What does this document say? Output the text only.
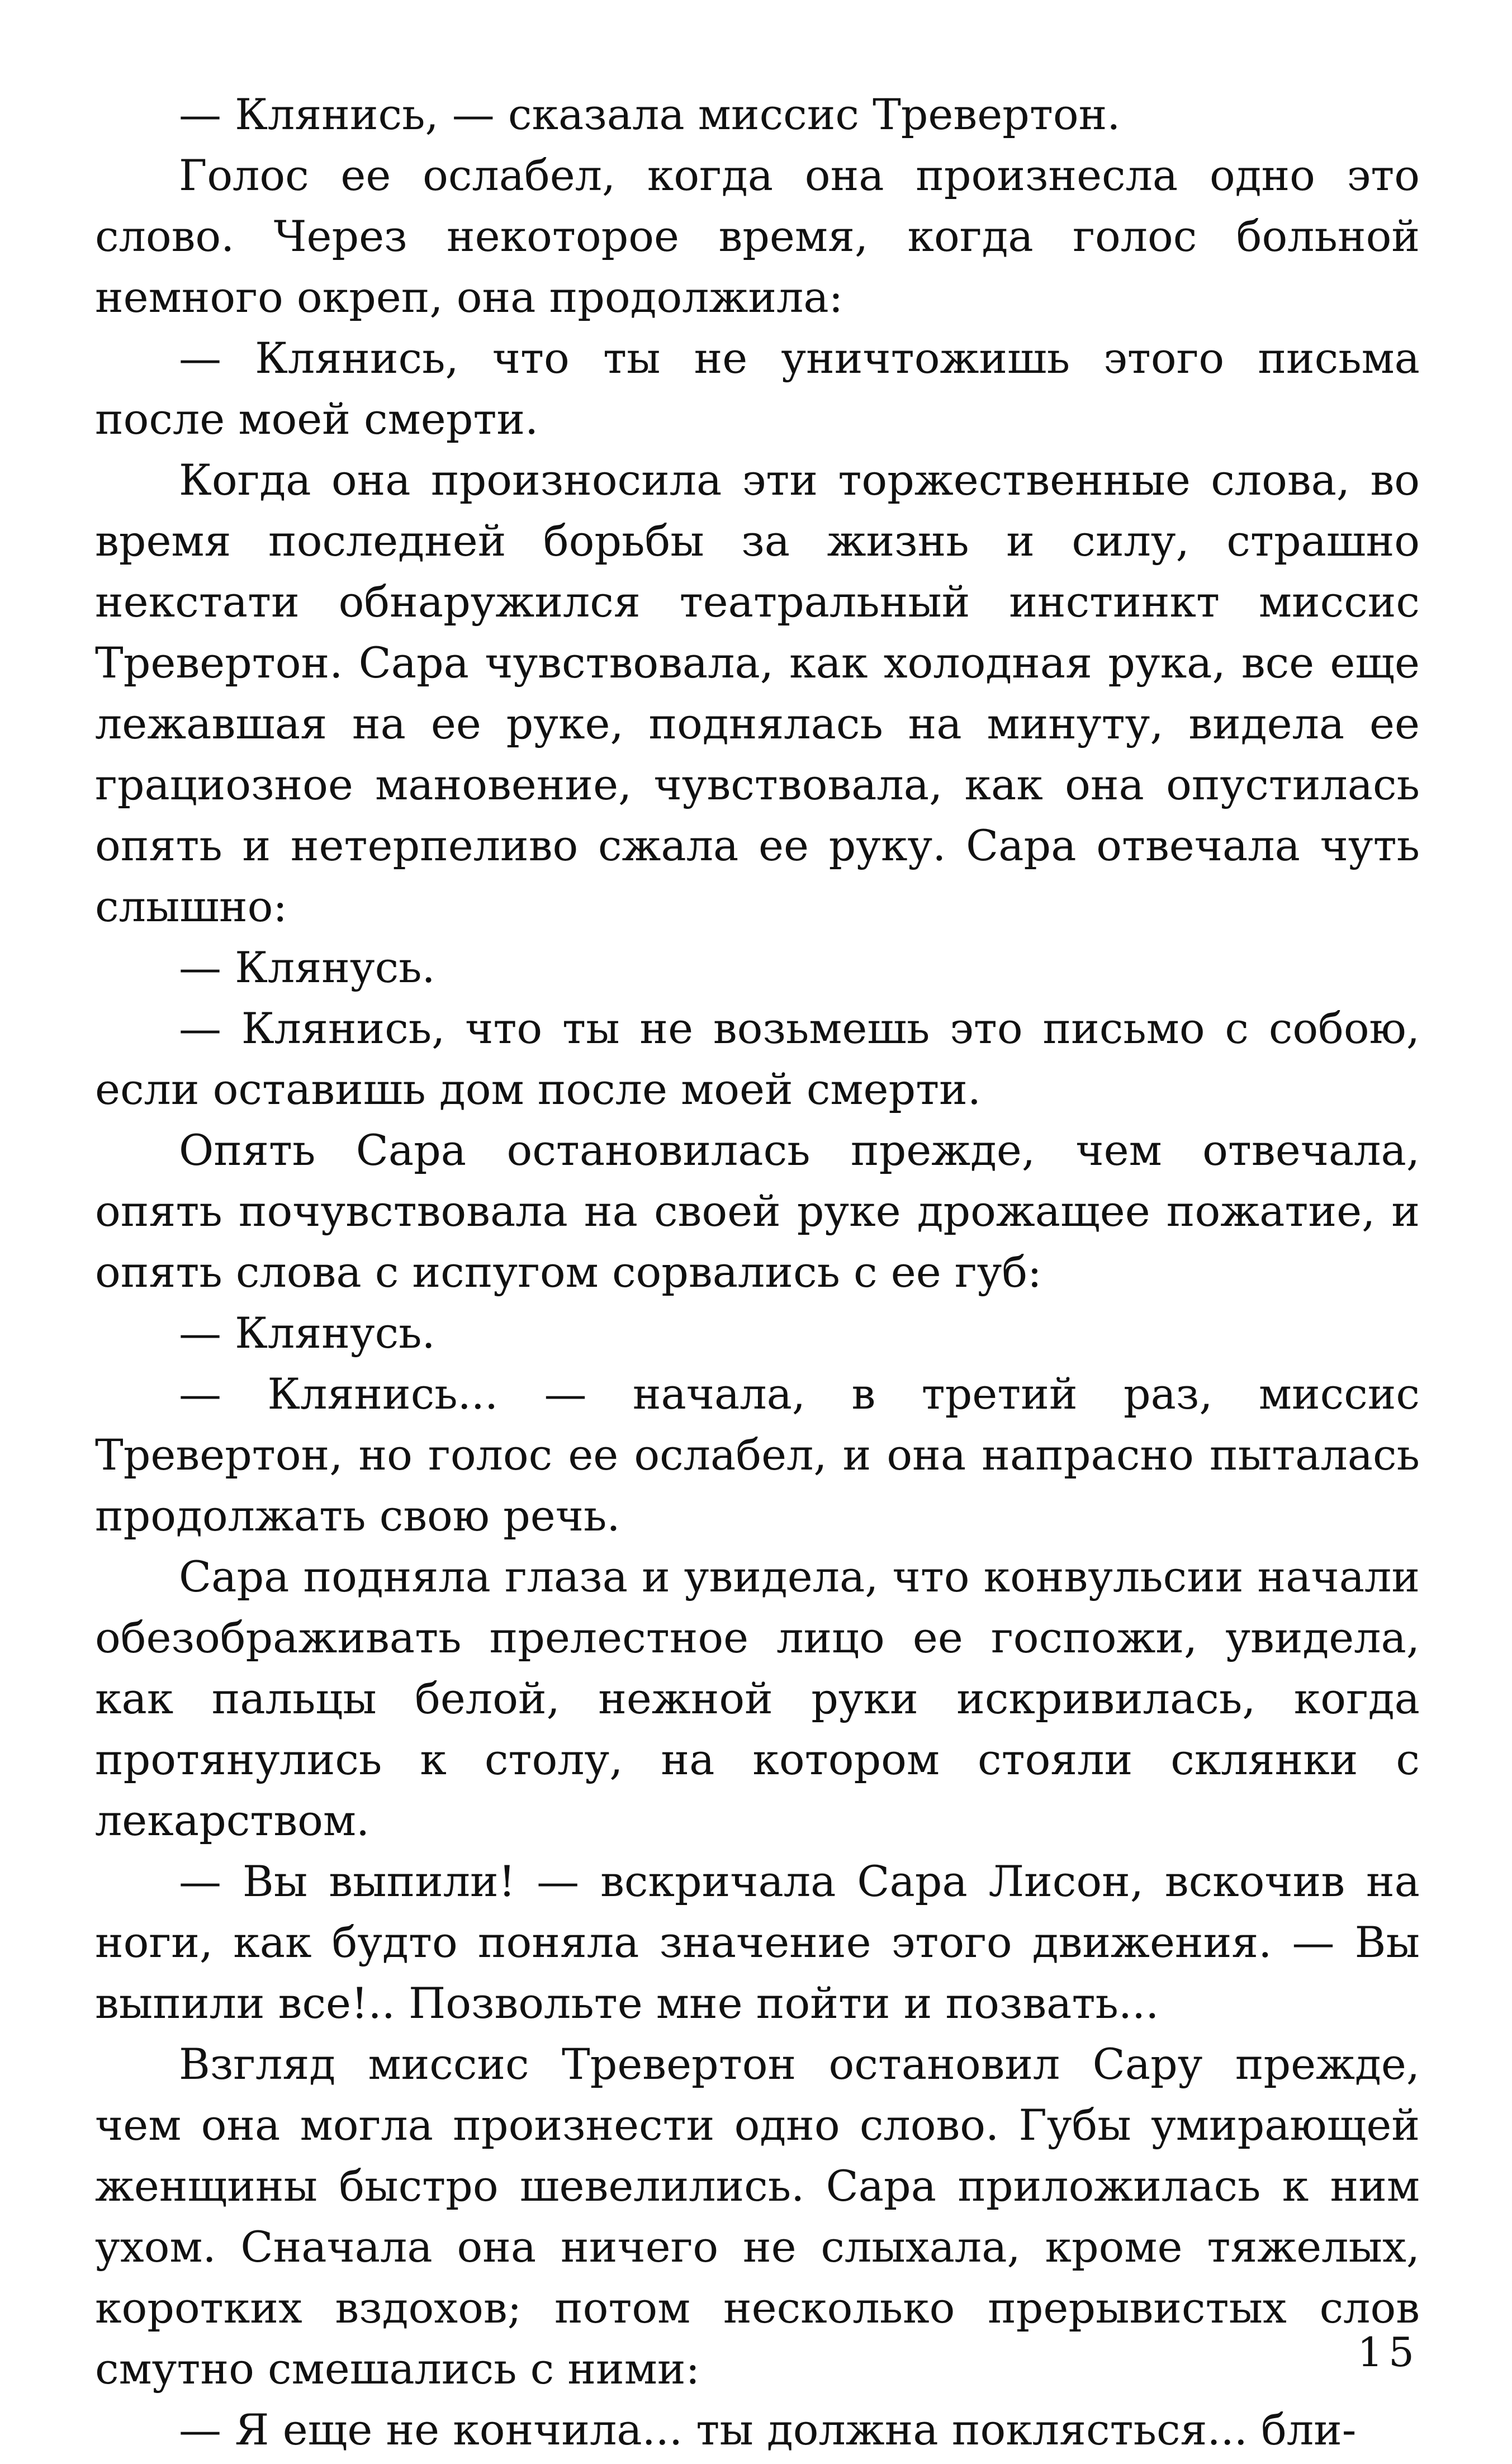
— Клянись, — сказала миссис Тревертон.

Голос ее ослабел, когда она произнесла одно это слово. Через некоторое время, когда голос больной немного окреп, она продолжила:

— Клянись, что ты не уничтожишь этого письма после моей смерти.

Когда она произносила эти торжественные слова, во время последней борьбы за жизнь и силу, страшно некстати обнаружился театральный инстинкт миссис Тревертон. Сара чувствовала, как холодная рука, все еще лежавшая на ее руке, поднялась на минуту, видела ее грациозное мановение, чувствовала, как она опустилась опять и нетерпеливо сжала ее руку. Сара отвечала чуть слышно:

— Клянусь.

— Клянись, что ты не возьмешь это письмо с собою, если оставишь дом после моей смерти.

Опять Сара остановилась прежде, чем отвечала, опять почувствовала на своей руке дрожащее пожатие, и опять слова с испугом сорвались с ее губ:

— Клянусь.

— Клянись... — начала, в третий раз, миссис Тревертон, но голос ее ослабел, и она напрасно пыталась продолжать свою речь.

Сара подняла глаза и увидела, что конвульсии начали обезображивать прелестное лицо ее госпожи, увидела, как пальцы белой, нежной руки искривилась, когда протянулись к столу, на котором стояли склянки с лекарством.

— Вы выпили! — вскричала Сара Лисон, вскочив на ноги, как будто поняла значение этого движения. — Вы выпили все!.. Позвольте мне пойти и позвать...

Взгляд миссис Тревертон остановил Сару прежде, чем она могла произнести одно слово. Губы умирающей женщины быстро шевелились. Сара приложилась к ним ухом. Сначала она ничего не слыхала, кроме тяжелых, коротких вздохов; потом несколько прерывистых слов смутно смешались с ними:

— Я еще не кончила... ты должна поклясться... бли-

15
